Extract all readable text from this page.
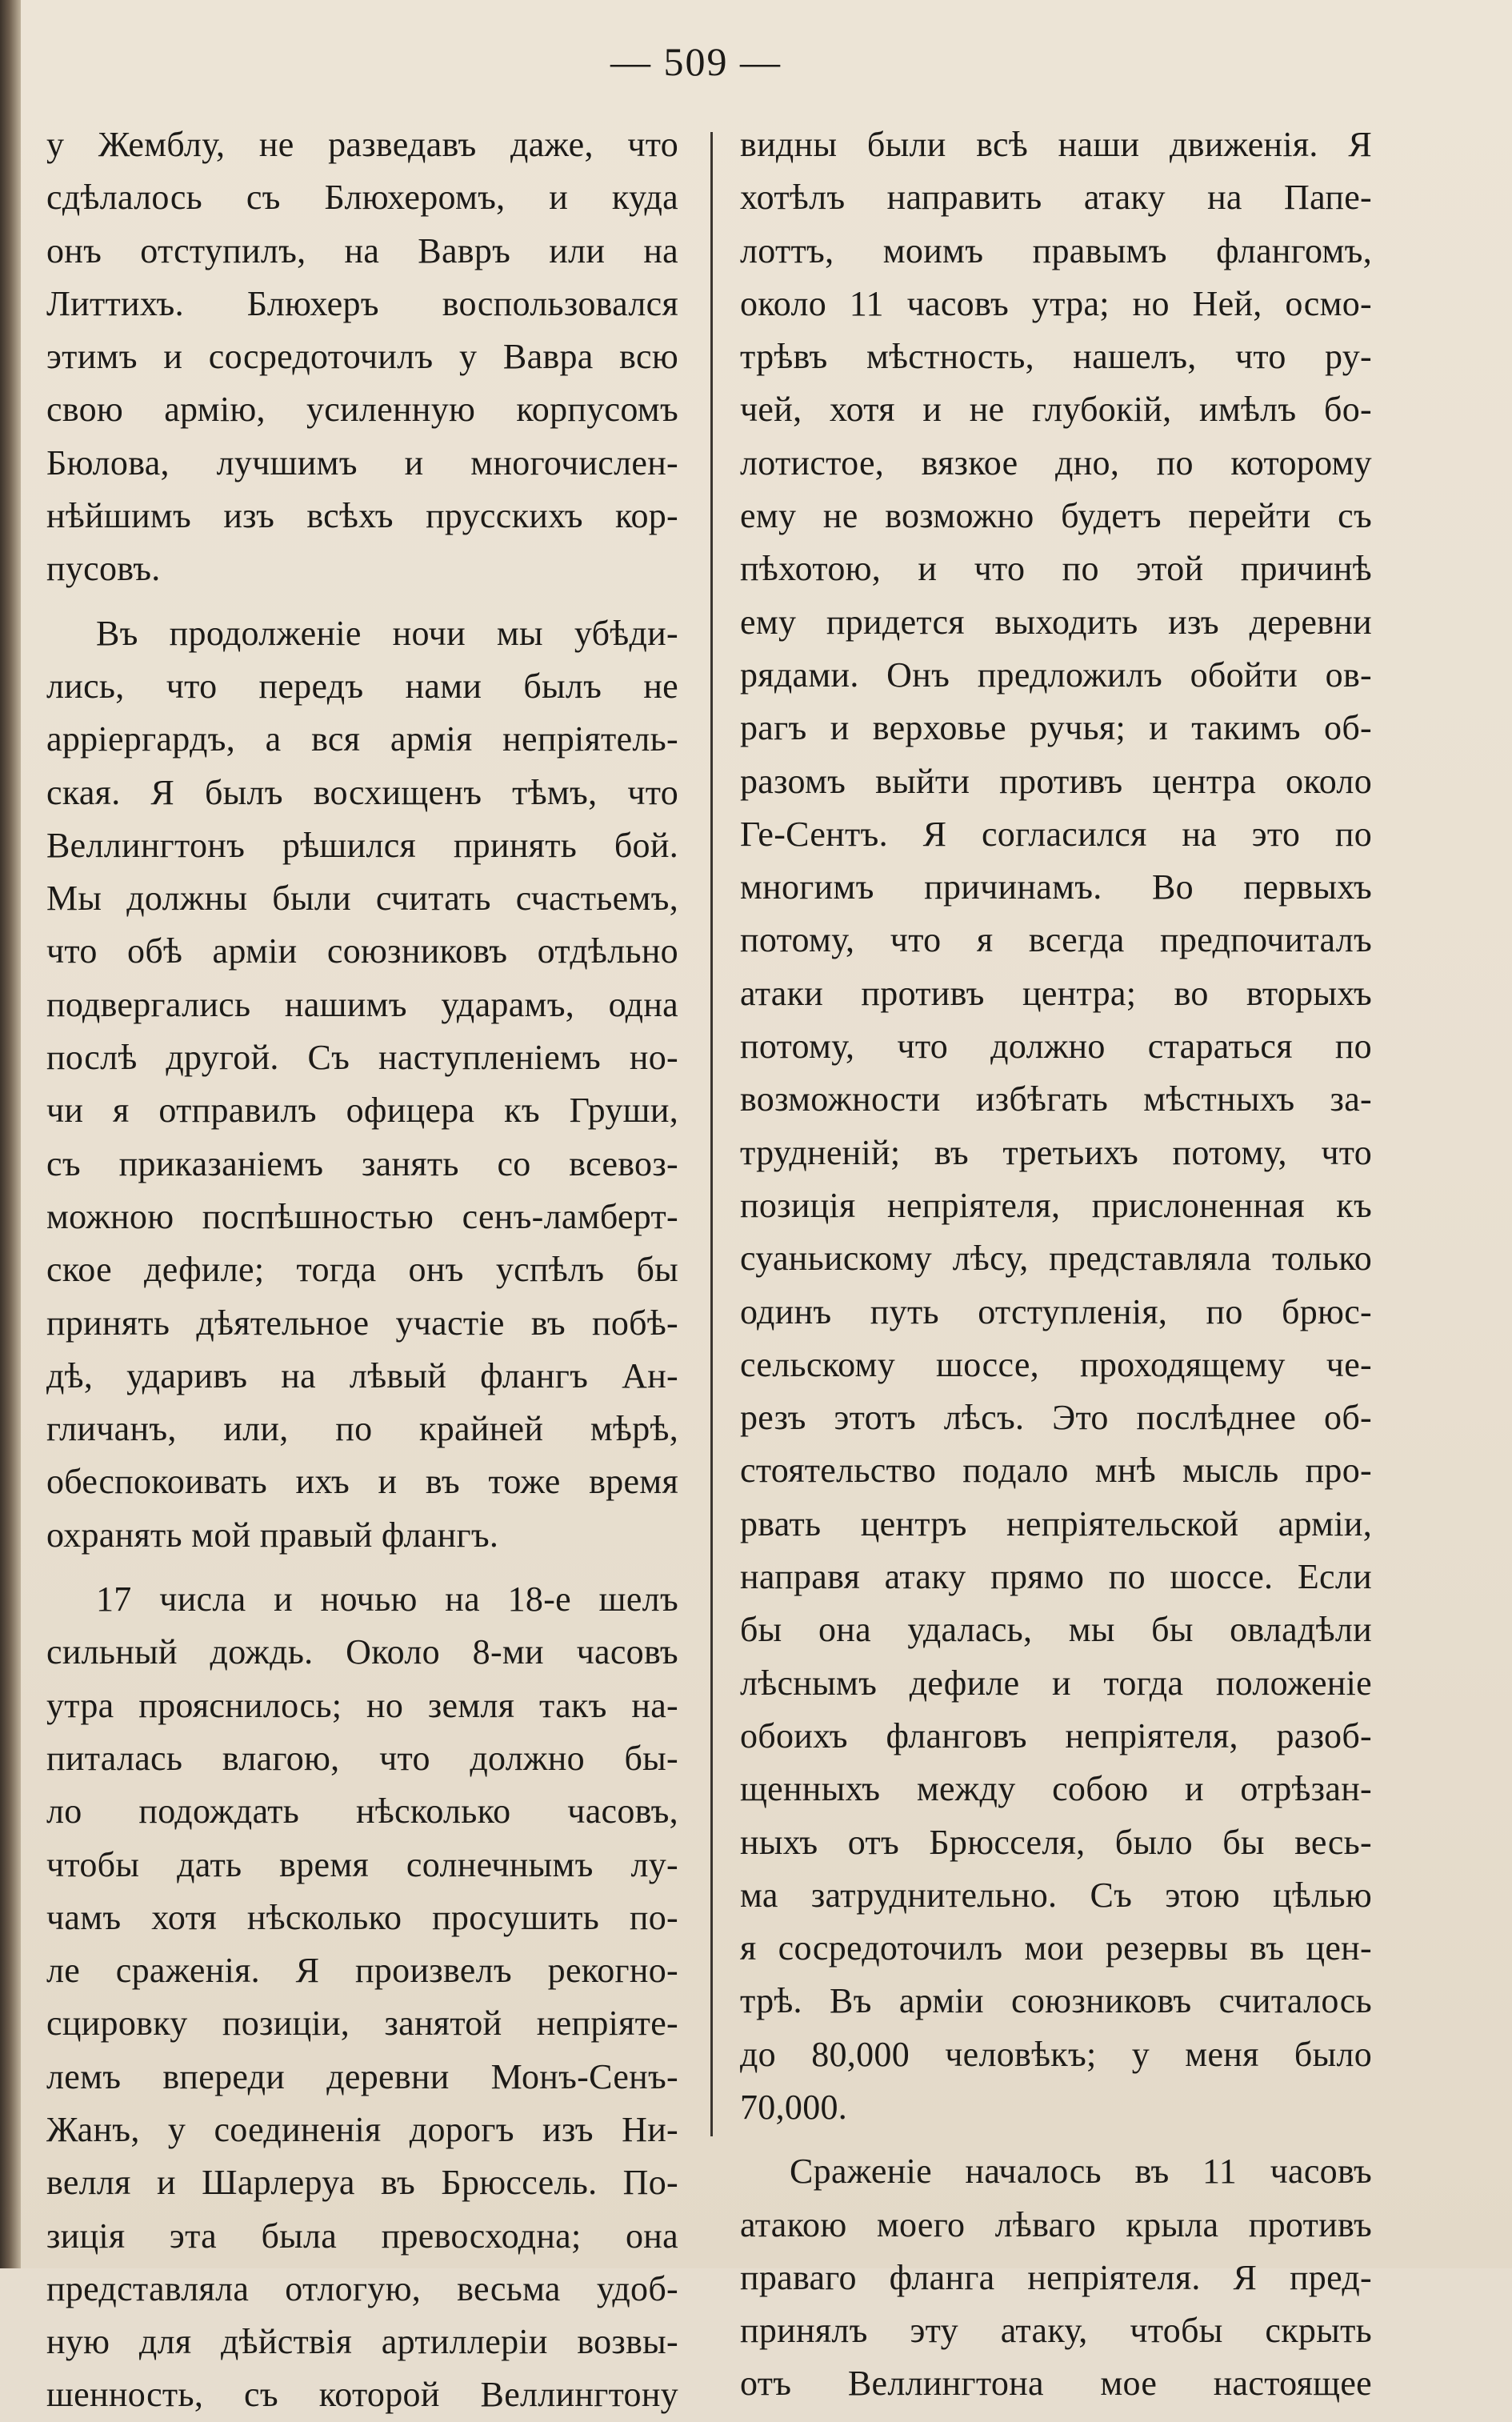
— 509 —
у Жемблу, не разведавъ даже, что
сдѣлалось съ Блюхеромъ, и куда
онъ отступилъ, на Вавръ или на
Литтихъ. Блюхеръ воспользовался
этимъ и сосредоточилъ у Вавра всю
свою армiю, усиленную корпусомъ
Бюлова, лучшимъ и многочислен-
нѣйшимъ изъ всѣхъ прусскихъ кор-
пусовъ.
Въ продолженiе ночи мы убѣди-
лись, что передъ нами былъ не
арріергардъ, а вся армія непріятель-
ская. Я былъ восхищенъ тѣмъ, что
Веллингтонъ рѣшился принять бой.
Мы должны были считать счастьемъ,
что обѣ арміи союзниковъ отдѣльно
подвергались нашимъ ударамъ, одна
послѣ другой. Съ наступленіемъ но-
чи я отправилъ офицера къ Груши,
съ приказаніемъ занять со всевоз-
можною поспѣшностью сенъ-ламберт-
ское дефиле; тогда онъ успѣлъ бы
принять дѣятельное участіе въ побѣ-
дѣ, ударивъ на лѣвый флангъ Ан-
гличанъ, или, по крайней мѣрѣ,
обеспокоивать ихъ и въ тоже время
охранять мой правый флангъ.
17 числа и ночью на 18-е шелъ
сильный дождь. Около 8-ми часовъ
утра прояснилось; но земля такъ на-
питалась влагою, что должно бы-
ло подождать нѣсколько часовъ,
чтобы дать время солнечнымъ лу-
чамъ хотя нѣсколько просушить по-
ле сраженія. Я произвелъ рекогно-
сцировку позиціи, занятой непріяте-
лемъ впереди деревни Монъ-Сенъ-
Жанъ, у соединенія дорогъ изъ Ни-
велля и Шарлеруа въ Брюссель. По-
зиція эта была превосходна; она
представляла отлогую, весьма удоб-
ную для дѣйствія артиллеріи возвы-
шенность, съ которой Веллингтону
видны были всѣ наши движенія. Я
хотѣлъ направить атаку на Папе-
лоттъ, моимъ правымъ флангомъ,
около 11 часовъ утра; но Ней, осмо-
трѣвъ мѣстность, нашелъ, что ру-
чей, хотя и не глубокій, имѣлъ бо-
лотистое, вязкое дно, по которому
ему не возможно будетъ перейти съ
пѣхотою, и что по этой причинѣ
ему придется выходить изъ деревни
рядами. Онъ предложилъ обойти ов-
рагъ и верховье ручья; и такимъ об-
разомъ выйти противъ центра около
Ге-Сентъ. Я согласился на это по
многимъ причинамъ. Во первыхъ
потому, что я всегда предпочиталъ
атаки противъ центра; во вторыхъ
потому, что должно стараться по
возможности избѣгать мѣстныхъ за-
трудненій; въ третьихъ потому, что
позиція непріятеля, прислоненная къ
суаньискому лѣсу, представляла только
одинъ путь отступленія, по брюс-
сельскому шоссе, проходящему че-
резъ этотъ лѣсъ. Это послѣднее об-
стоятельство подало мнѣ мысль про-
рвать центръ непріятельской арміи,
направя атаку прямо по шоссе. Если
бы она удалась, мы бы овладѣли
лѣснымъ дефиле и тогда положеніе
обоихъ фланговъ непріятеля, разоб-
щенныхъ между собою и отрѣзан-
ныхъ отъ Брюсселя, было бы весь-
ма затруднительно. Съ этою цѣлью
я сосредоточилъ мои резервы въ цен-
трѣ. Въ арміи союзниковъ считалось
до 80,000 человѣкъ; у меня было
70,000.
Сраженіе началось въ 11 часовъ
атакою моего лѣваго крыла противъ
праваго фланга непріятеля. Я пред-
принялъ эту атаку, чтобы скрыть
отъ Веллингтона мое настоящее
